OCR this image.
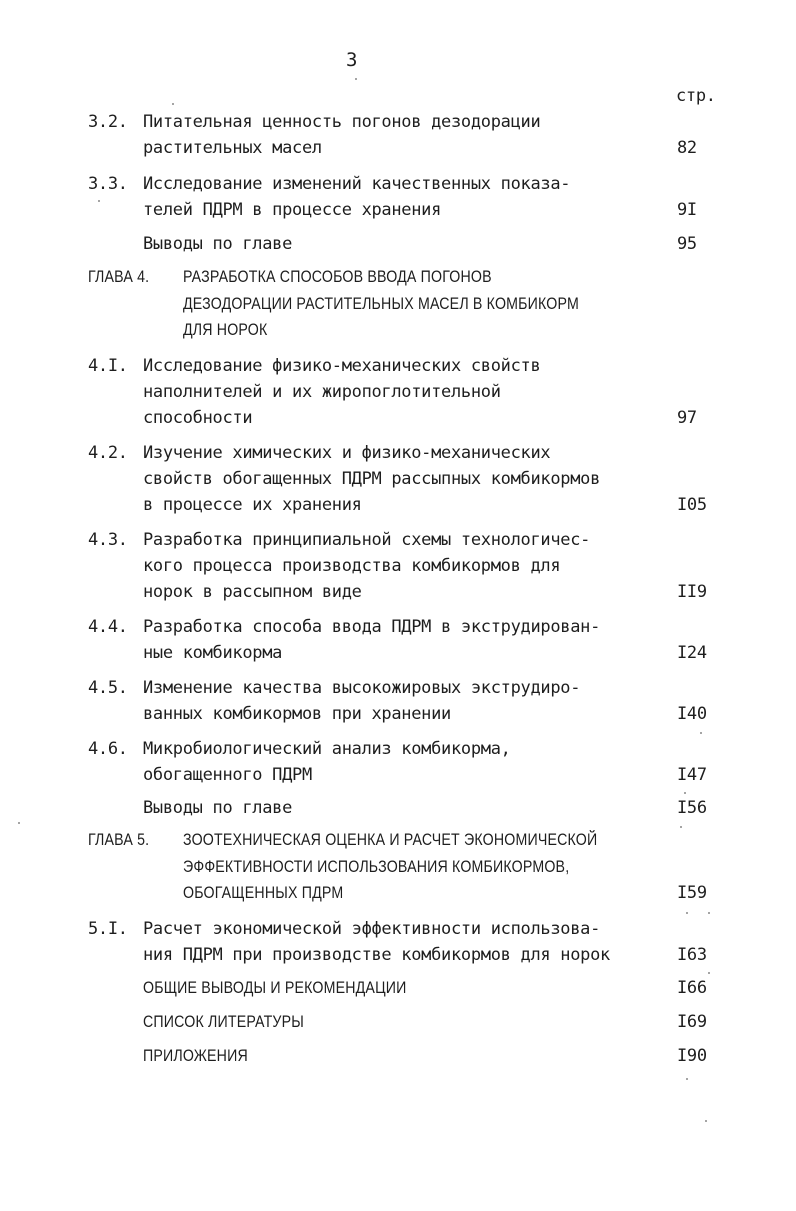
3
стр.
3.2. Питательная ценность погонов дезодорации
растительных масел	82
3.3. Исследование изменений качественных показа-
телей ПДРМ в процессе хранения	9I
Выводы по главе	95
ГЛАВА 4. РАЗРАБОТКА СПОСОБОВ ВВОДА ПОГОНОВ
ДЕЗОДОРАЦИИ РАСТИТЕЛЬНЫХ МАСЕЛ В КОМБИКОРМ
ДЛЯ НОРОК
4.I. Исследование физико-механических свойств
наполнителей и их жиропоглотительной
способности	97
4.2. Изучение химических и физико-механических
свойств обогащенных ПДРМ рассыпных комбикормов
в процессе их хранения	I05
4.3. Разработка принципиальной схемы технологичес-
кого процесса производства комбикормов для
норок в рассыпном виде	II9
4.4. Разработка способа ввода ПДРМ в экструдирован-
ные комбикорма	I24
4.5. Изменение качества высокожировых экструдиро-
ванных комбикормов при хранении	I40
4.6. Микробиологический анализ комбикорма,
обогащенного ПДРМ	I47
Выводы по главе	I56
ГЛАВА 5. ЗООТЕХНИЧЕСКАЯ ОЦЕНКА И РАСЧЕТ ЭКОНОМИЧЕСКОЙ
ЭФФЕКТИВНОСТИ ИСПОЛЬЗОВАНИЯ КОМБИКОРМОВ,
ОБОГАЩЕННЫХ ПДРМ	I59
5.I. Расчет экономической эффективности использова-
ния ПДРМ при производстве комбикормов для норок	I63
ОБЩИЕ ВЫВОДЫ И РЕКОМЕНДАЦИИ	I66
СПИСОК ЛИТЕРАТУРЫ	I69
ПРИЛОЖЕНИЯ	I90
